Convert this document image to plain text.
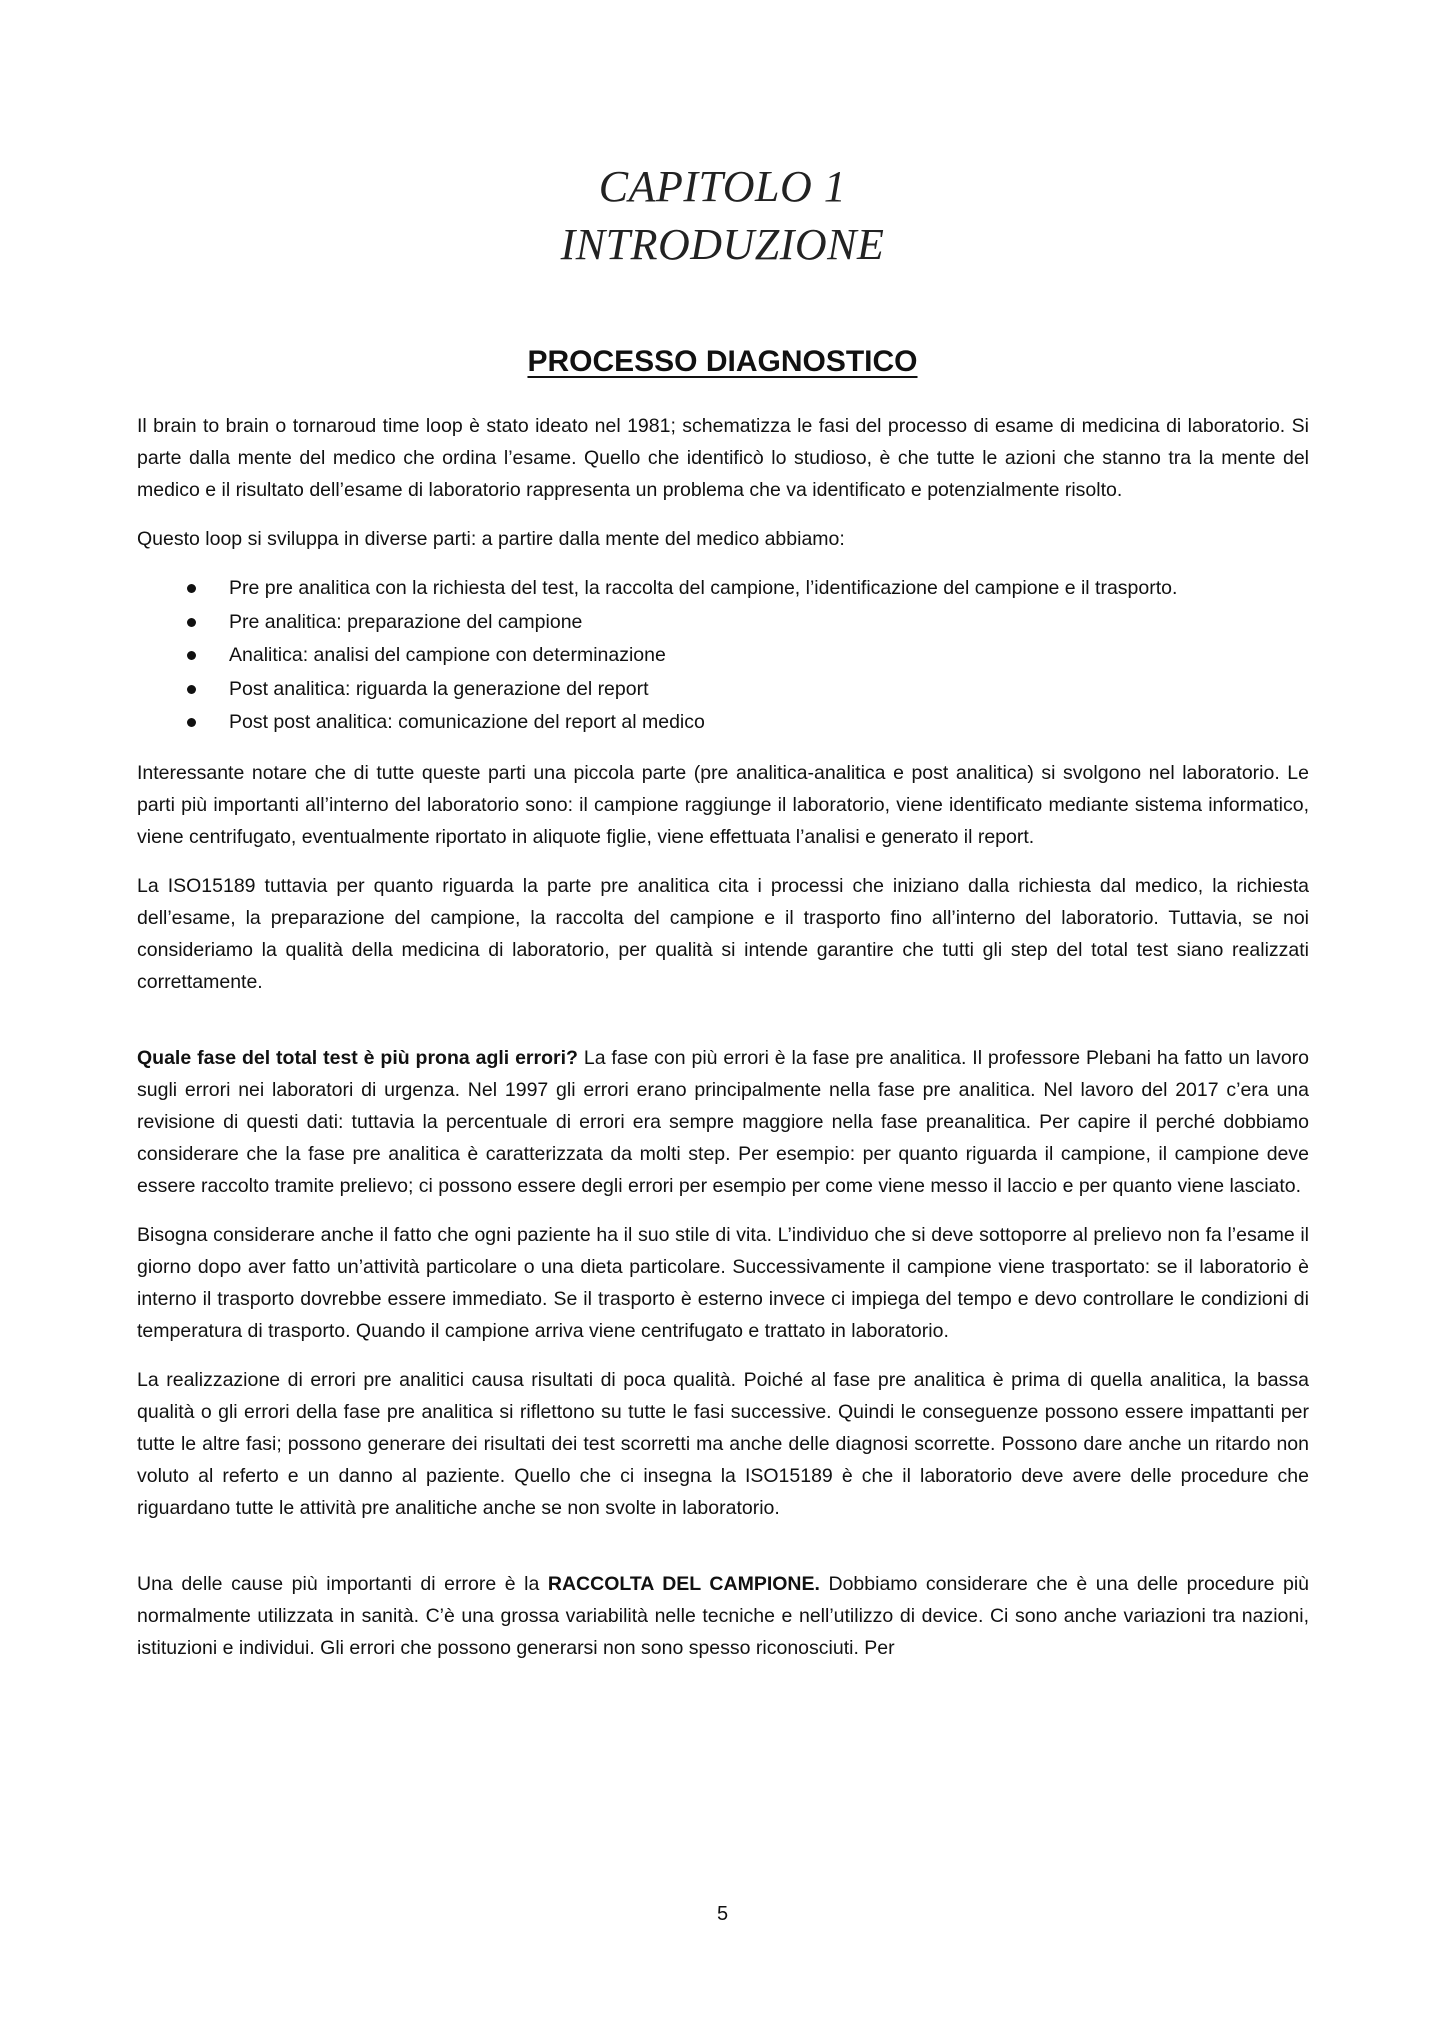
CAPITOLO 1
INTRODUZIONE
PROCESSO DIAGNOSTICO

Il brain to brain o tornaroud time loop è stato ideato nel 1981; schematizza le fasi del processo di esame di medicina di laboratorio. Si parte dalla mente del medico che ordina l’esame. Quello che identificò lo studioso, è che tutte le azioni che stanno tra la mente del medico e il risultato dell’esame di laboratorio rappresenta un problema che va identificato e potenzialmente risolto.

Questo loop si sviluppa in diverse parti: a partire dalla mente del medico abbiamo:

Pre pre analitica con la richiesta del test, la raccolta del campione, l’identificazione del campione e il trasporto.
Pre analitica: preparazione del campione
Analitica: analisi del campione con determinazione
Post analitica: riguarda la generazione del report
Post post analitica: comunicazione del report al medico

Interessante notare che di tutte queste parti una piccola parte (pre analitica-analitica e post analitica) si svolgono nel laboratorio. Le parti più importanti all’interno del laboratorio sono: il campione raggiunge il laboratorio, viene identificato mediante sistema informatico, viene centrifugato, eventualmente riportato in aliquote figlie, viene effettuata l’analisi e generato il report.

La ISO15189 tuttavia per quanto riguarda la parte pre analitica cita i processi che iniziano dalla richiesta dal medico, la richiesta dell’esame, la preparazione del campione, la raccolta del campione e il trasporto fino all’interno del laboratorio. Tuttavia, se noi consideriamo la qualità della medicina di laboratorio, per qualità si intende garantire che tutti gli step del total test siano realizzati correttamente.

Quale fase del total test è più prona agli errori? La fase con più errori è la fase pre analitica. Il professore Plebani ha fatto un lavoro sugli errori nei laboratori di urgenza. Nel 1997 gli errori erano principalmente nella fase pre analitica. Nel lavoro del 2017 c’era una revisione di questi dati: tuttavia la percentuale di errori era sempre maggiore nella fase preanalitica. Per capire il perché dobbiamo considerare che la fase pre analitica è caratterizzata da molti step. Per esempio: per quanto riguarda il campione, il campione deve essere raccolto tramite prelievo; ci possono essere degli errori per esempio per come viene messo il laccio e per quanto viene lasciato.

Bisogna considerare anche il fatto che ogni paziente ha il suo stile di vita. L’individuo che si deve sottoporre al prelievo non fa l’esame il giorno dopo aver fatto un’attività particolare o una dieta particolare. Successivamente il campione viene trasportato: se il laboratorio è interno il trasporto dovrebbe essere immediato. Se il trasporto è esterno invece ci impiega del tempo e devo controllare le condizioni di temperatura di trasporto. Quando il campione arriva viene centrifugato e trattato in laboratorio.

La realizzazione di errori pre analitici causa risultati di poca qualità. Poiché al fase pre analitica è prima di quella analitica, la bassa qualità o gli errori della fase pre analitica si riflettono su tutte le fasi successive. Quindi le conseguenze possono essere impattanti per tutte le altre fasi; possono generare dei risultati dei test scorretti ma anche delle diagnosi scorrette. Possono dare anche un ritardo non voluto al referto e un danno al paziente. Quello che ci insegna la ISO15189 è che il laboratorio deve avere delle procedure che riguardano tutte le attività pre analitiche anche se non svolte in laboratorio.

Una delle cause più importanti di errore è la RACCOLTA DEL CAMPIONE. Dobbiamo considerare che è una delle procedure più normalmente utilizzata in sanità. C’è una grossa variabilità nelle tecniche e nell’utilizzo di device. Ci sono anche variazioni tra nazioni, istituzioni e individui. Gli errori che possono generarsi non sono spesso riconosciuti. Per

5
